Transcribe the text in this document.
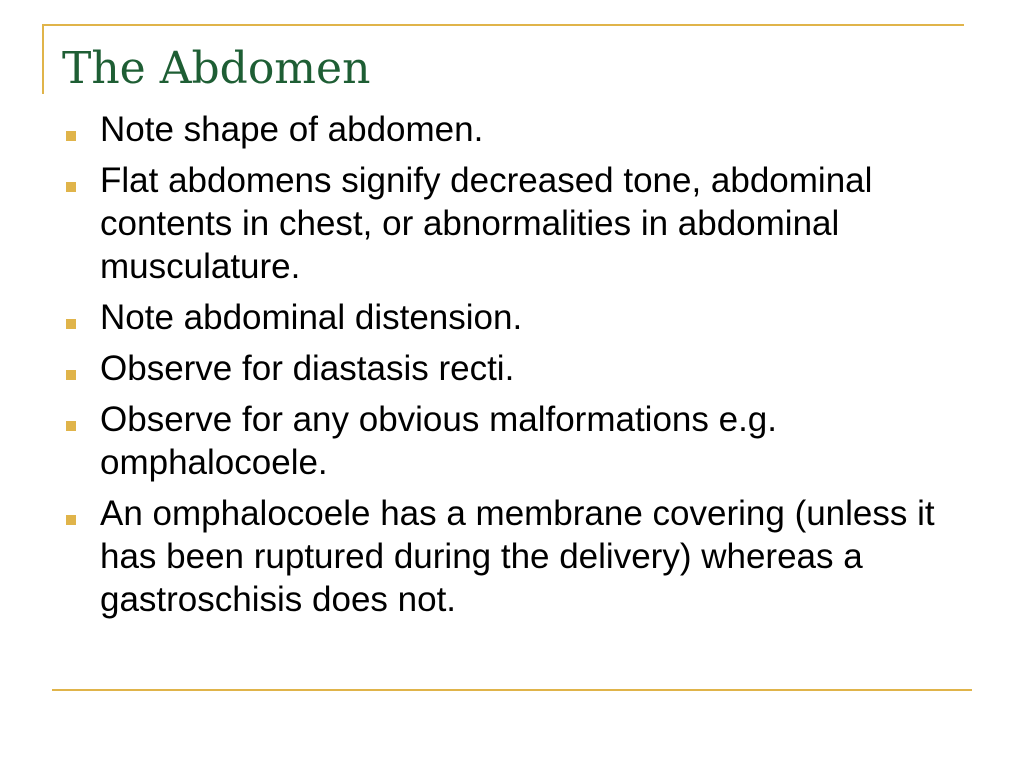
The Abdomen
Note shape of abdomen.
Flat abdomens signify decreased tone, abdominal contents in chest, or abnormalities in abdominal musculature.
Note abdominal distension.
Observe for diastasis recti.
Observe for any obvious malformations e.g. omphalocoele.
An omphalocoele has a membrane covering (unless it has been ruptured during the delivery) whereas a gastroschisis does not.
